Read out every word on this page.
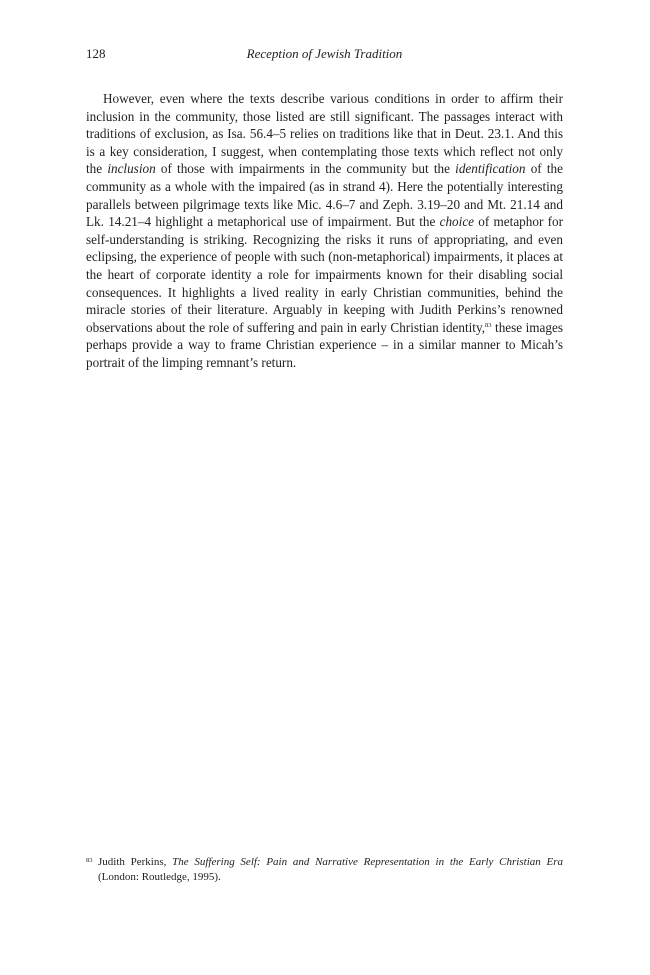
128	Reception of Jewish Tradition

However, even where the texts describe various conditions in order to affirm their inclusion in the community, those listed are still significant. The passages interact with traditions of exclusion, as Isa. 56.4–5 relies on traditions like that in Deut. 23.1. And this is a key consideration, I suggest, when contemplating those texts which reflect not only the inclusion of those with impairments in the community but the identification of the community as a whole with the impaired (as in strand 4). Here the potentially interesting parallels between pilgrimage texts like Mic. 4.6–7 and Zeph. 3.19–20 and Mt. 21.14 and Lk. 14.21–4 highlight a metaphorical use of impairment. But the choice of metaphor for self-understanding is striking. Recognizing the risks it runs of appropriating, and even eclipsing, the experience of people with such (non-metaphorical) impairments, it places at the heart of corporate identity a role for impairments known for their disabling social consequences. It highlights a lived reality in early Christian communities, behind the miracle stories of their literature. Arguably in keeping with Judith Perkins’s renowned observations about the role of suffering and pain in early Christian identity,$^{83}$ these images perhaps provide a way to frame Christian experience – in a similar manner to Micah’s portrait of the limping remnant’s return.

83 Judith Perkins, The Suffering Self: Pain and Narrative Representation in the Early Christian Era (London: Routledge, 1995).
